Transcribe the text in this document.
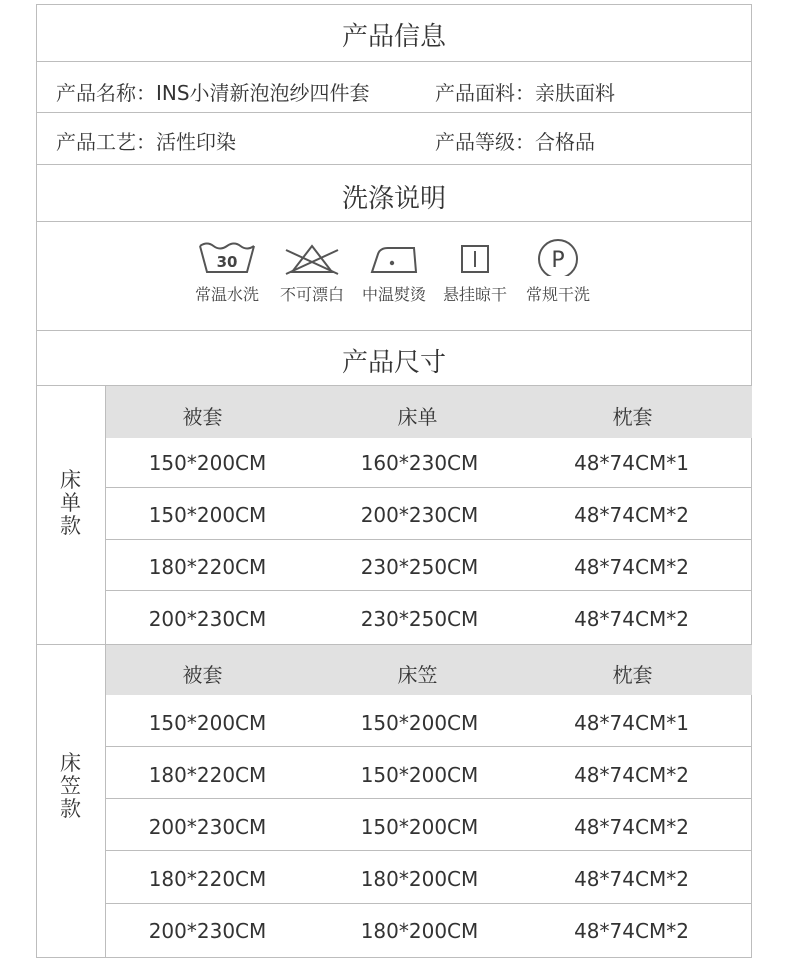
产品信息
产品名称：INS小清新泡泡纱四件套	产品面料：亲肤面料
产品工艺：活性印染	产品等级：合格品
洗涤说明
30
常温水洗	不可漂白	中温熨烫	悬挂晾干
P
常规干洗
产品尺寸
被套	床单	枕套
150*200CM	160*230CM	48*74CM*1
150*200CM	200*230CM	48*74CM*2
180*220CM	230*250CM	48*74CM*2
200*230CM	230*250CM	48*74CM*2
床
单
款
被套	床笠	枕套
150*200CM	150*200CM	48*74CM*1
180*220CM	150*200CM	48*74CM*2
200*230CM	150*200CM	48*74CM*2
180*220CM	180*200CM	48*74CM*2
200*230CM	180*200CM	48*74CM*2
床
笠
款
